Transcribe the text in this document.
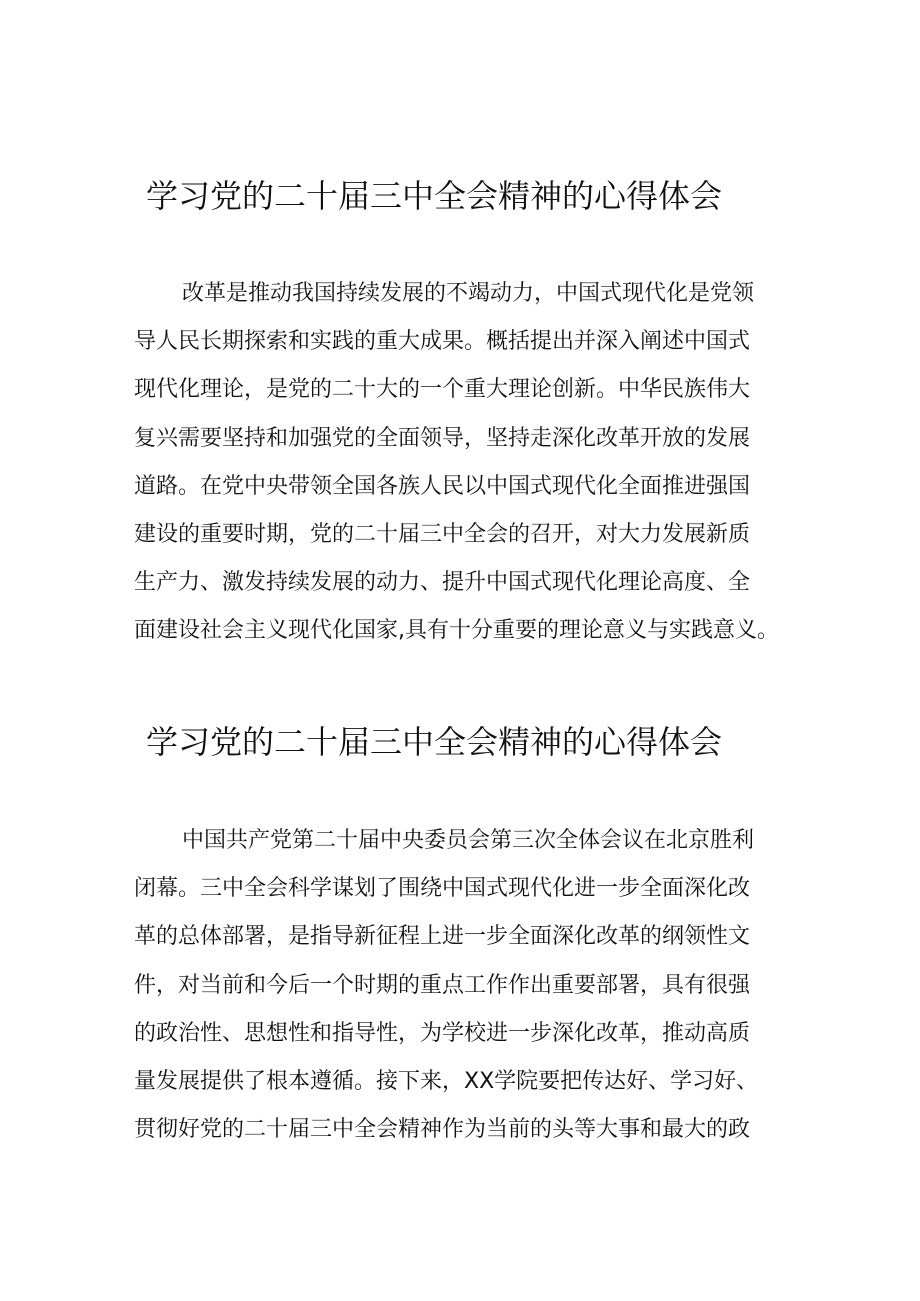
学习党的二十届三中全会精神的心得体会
改革是推动我国持续发展的不竭动力，中国式现代化是党领
导人民长期探索和实践的重大成果。概括提出并深入阐述中国式
现代化理论，是党的二十大的一个重大理论创新。中华民族伟大
复兴需要坚持和加强党的全面领导，坚持走深化改革开放的发展
道路。在党中央带领全国各族人民以中国式现代化全面推进强国
建设的重要时期，党的二十届三中全会的召开，对大力发展新质
生产力、激发持续发展的动力、提升中国式现代化理论高度、全
面建设社会主义现代化国家,具有十分重要的理论意义与实践意义。
学习党的二十届三中全会精神的心得体会
中国共产党第二十届中央委员会第三次全体会议在北京胜利
闭幕。三中全会科学谋划了围绕中国式现代化进一步全面深化改
革的总体部署，是指导新征程上进一步全面深化改革的纲领性文
件，对当前和今后一个时期的重点工作作出重要部署，具有很强
的政治性、思想性和指导性，为学校进一步深化改革，推动高质
量发展提供了根本遵循。接下来，XX学院要把传达好、学习好、
贯彻好党的二十届三中全会精神作为当前的头等大事和最大的政
